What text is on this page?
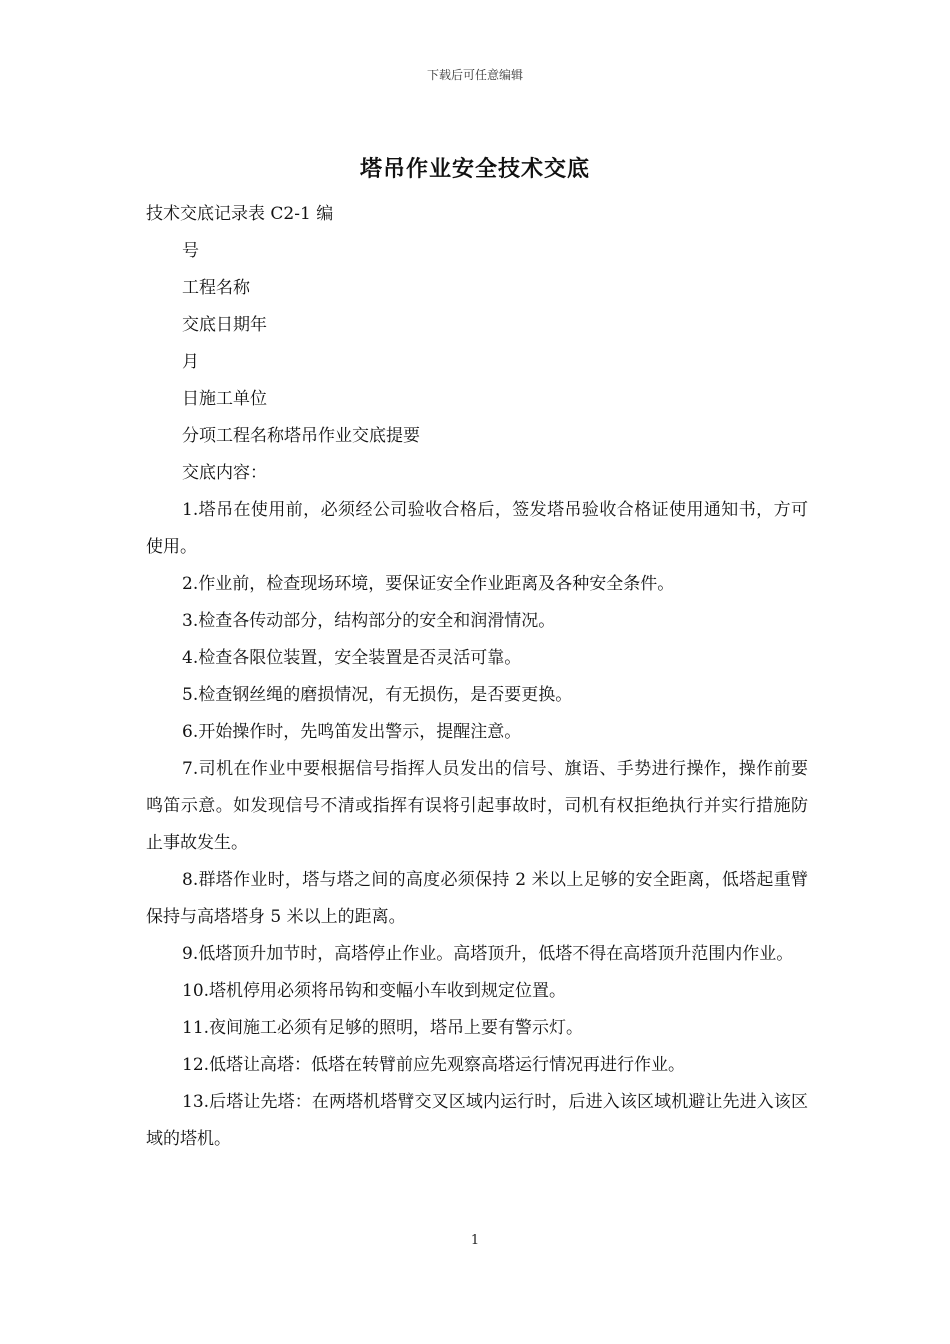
下载后可任意编辑
塔吊作业安全技术交底

技术交底记录表 C2-1 编

号

工程名称

交底日期年

月

日施工单位

分项工程名称塔吊作业交底提要

交底内容：

1.塔吊在使用前，必须经公司验收合格后，签发塔吊验收合格证使用通知书，方可使用。

2.作业前，检查现场环境，要保证安全作业距离及各种安全条件。

3.检查各传动部分，结构部分的安全和润滑情况。

4.检查各限位装置，安全装置是否灵活可靠。

5.检查钢丝绳的磨损情况，有无损伤，是否要更换。

6.开始操作时，先鸣笛发出警示，提醒注意。

7.司机在作业中要根据信号指挥人员发出的信号、旗语、手势进行操作，操作前要鸣笛示意。如发现信号不清或指挥有误将引起事故时，司机有权拒绝执行并实行措施防止事故发生。

8.群塔作业时，塔与塔之间的高度必须保持 2 米以上足够的安全距离，低塔起重臂保持与高塔塔身 5 米以上的距离。

9.低塔顶升加节时，高塔停止作业。高塔顶升，低塔不得在高塔顶升范围内作业。

10.塔机停用必须将吊钩和变幅小车收到规定位置。

11.夜间施工必须有足够的照明，塔吊上要有警示灯。

12.低塔让高塔：低塔在转臂前应先观察高塔运行情况再进行作业。

13.后塔让先塔：在两塔机塔臂交叉区域内运行时，后进入该区域机避让先进入该区域的塔机。

1
